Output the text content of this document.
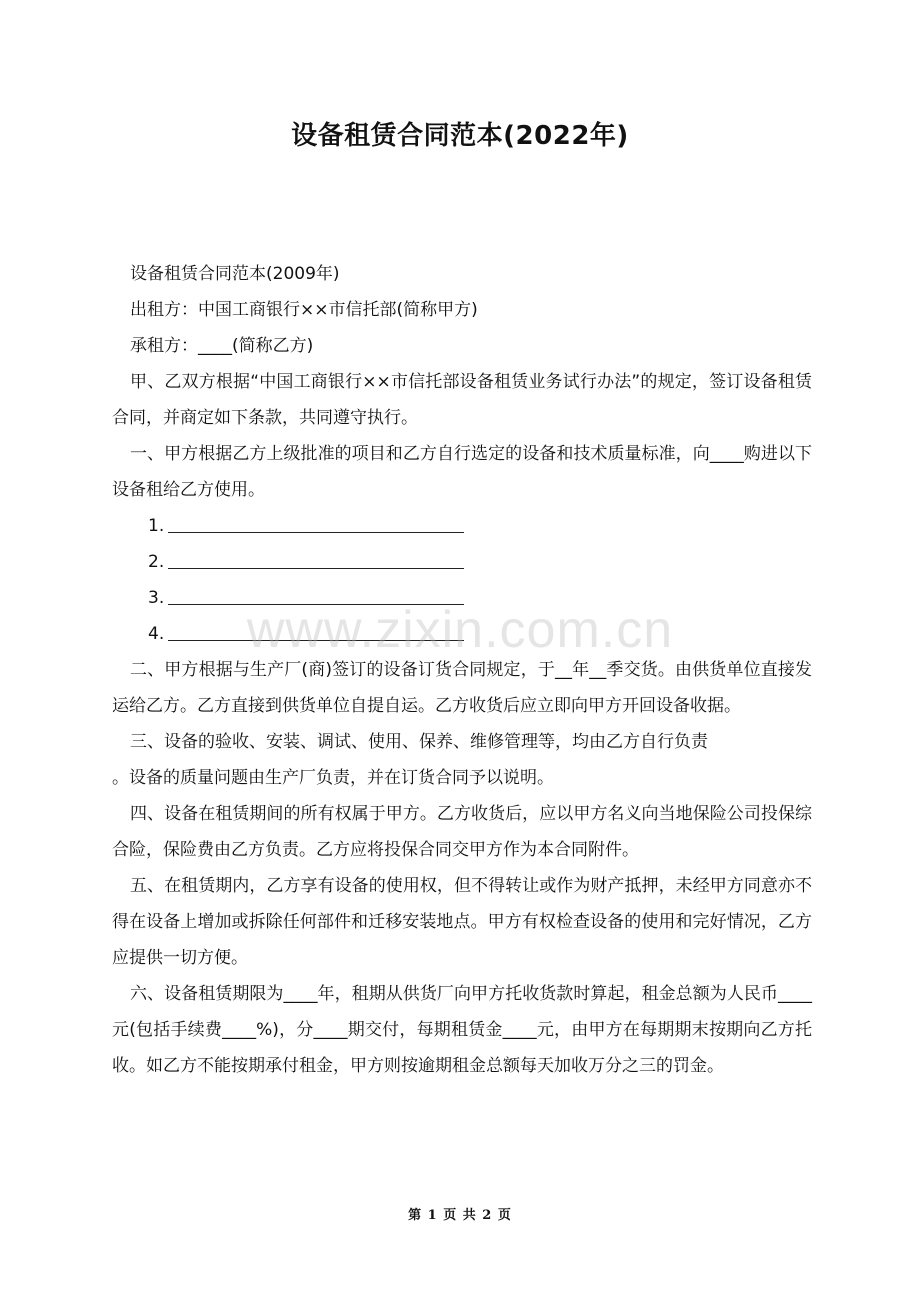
设备租赁合同范本(2022年)

设备租赁合同范本(2009年)

出租方：中国工商银行××市信托部(简称甲方)

承租方：____(简称乙方)

甲、乙双方根据“中国工商银行××市信托部设备租赁业务试行办法”的规定，签订设备租赁合同，并商定如下条款，共同遵守执行。

一、甲方根据乙方上级批准的项目和乙方自行选定的设备和技术质量标准，向____购进以下设备租给乙方使用。

1.

2.

3.

4.

二、甲方根据与生产厂(商)签订的设备订货合同规定，于__年__季交货。由供货单位直接发运给乙方。乙方直接到供货单位自提自运。乙方收货后应立即向甲方开回设备收据。

三、设备的验收、安装、调试、使用、保养、维修管理等，均由乙方自行负责

。设备的质量问题由生产厂负责，并在订货合同予以说明。

四、设备在租赁期间的所有权属于甲方。乙方收货后，应以甲方名义向当地保险公司投保综合险，保险费由乙方负责。乙方应将投保合同交甲方作为本合同附件。

五、在租赁期内，乙方享有设备的使用权，但不得转让或作为财产抵押，未经甲方同意亦不得在设备上增加或拆除任何部件和迁移安装地点。甲方有权检查设备的使用和完好情况，乙方应提供一切方便。

六、设备租赁期限为____年，租期从供货厂向甲方托收货款时算起，租金总额为人民币____元(包括手续费____%)，分____期交付，每期租赁金____元，由甲方在每期期末按期向乙方托收。如乙方不能按期承付租金，甲方则按逾期租金总额每天加收万分之三的罚金。

www.zixin.com.cn
第 1 页 共 2 页
